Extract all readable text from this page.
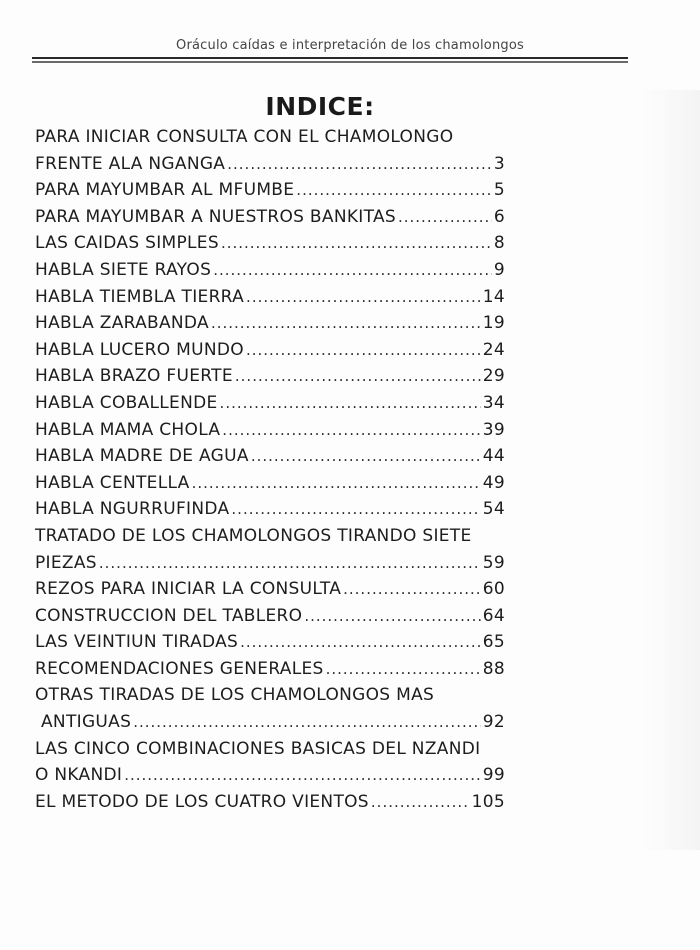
Oráculo caídas e interpretación de los chamolongos
INDICE:
PARA INICIAR CONSULTA CON EL CHAMOLONGO
FRENTE ALA NGANGA .....	3
PARA MAYUMBAR AL MFUMBE .....	5
PARA MAYUMBAR A NUESTROS BANKITAS .....	6
LAS CAIDAS SIMPLES .....	8
HABLA SIETE RAYOS .....	9
HABLA TIEMBLA TIERRA .....	14
HABLA ZARABANDA .....	19
HABLA LUCERO MUNDO .....	24
HABLA BRAZO FUERTE .....	29
HABLA COBALLENDE .....	34
HABLA MAMA CHOLA .....	39
HABLA MADRE DE AGUA .....	44
HABLA CENTELLA .....	49
HABLA NGURRUFINDA .....	54
TRATADO DE LOS CHAMOLONGOS TIRANDO SIETE
PIEZAS .....	59
REZOS PARA INICIAR LA CONSULTA .....	60
CONSTRUCCION DEL TABLERO .....	64
LAS VEINTIUN TIRADAS .....	65
RECOMENDACIONES GENERALES .....	88
OTRAS TIRADAS DE LOS CHAMOLONGOS MAS
ANTIGUAS .....	92
LAS CINCO COMBINACIONES BASICAS DEL NZANDI
O NKANDI .....	99
EL METODO DE LOS CUATRO VIENTOS .....	105
